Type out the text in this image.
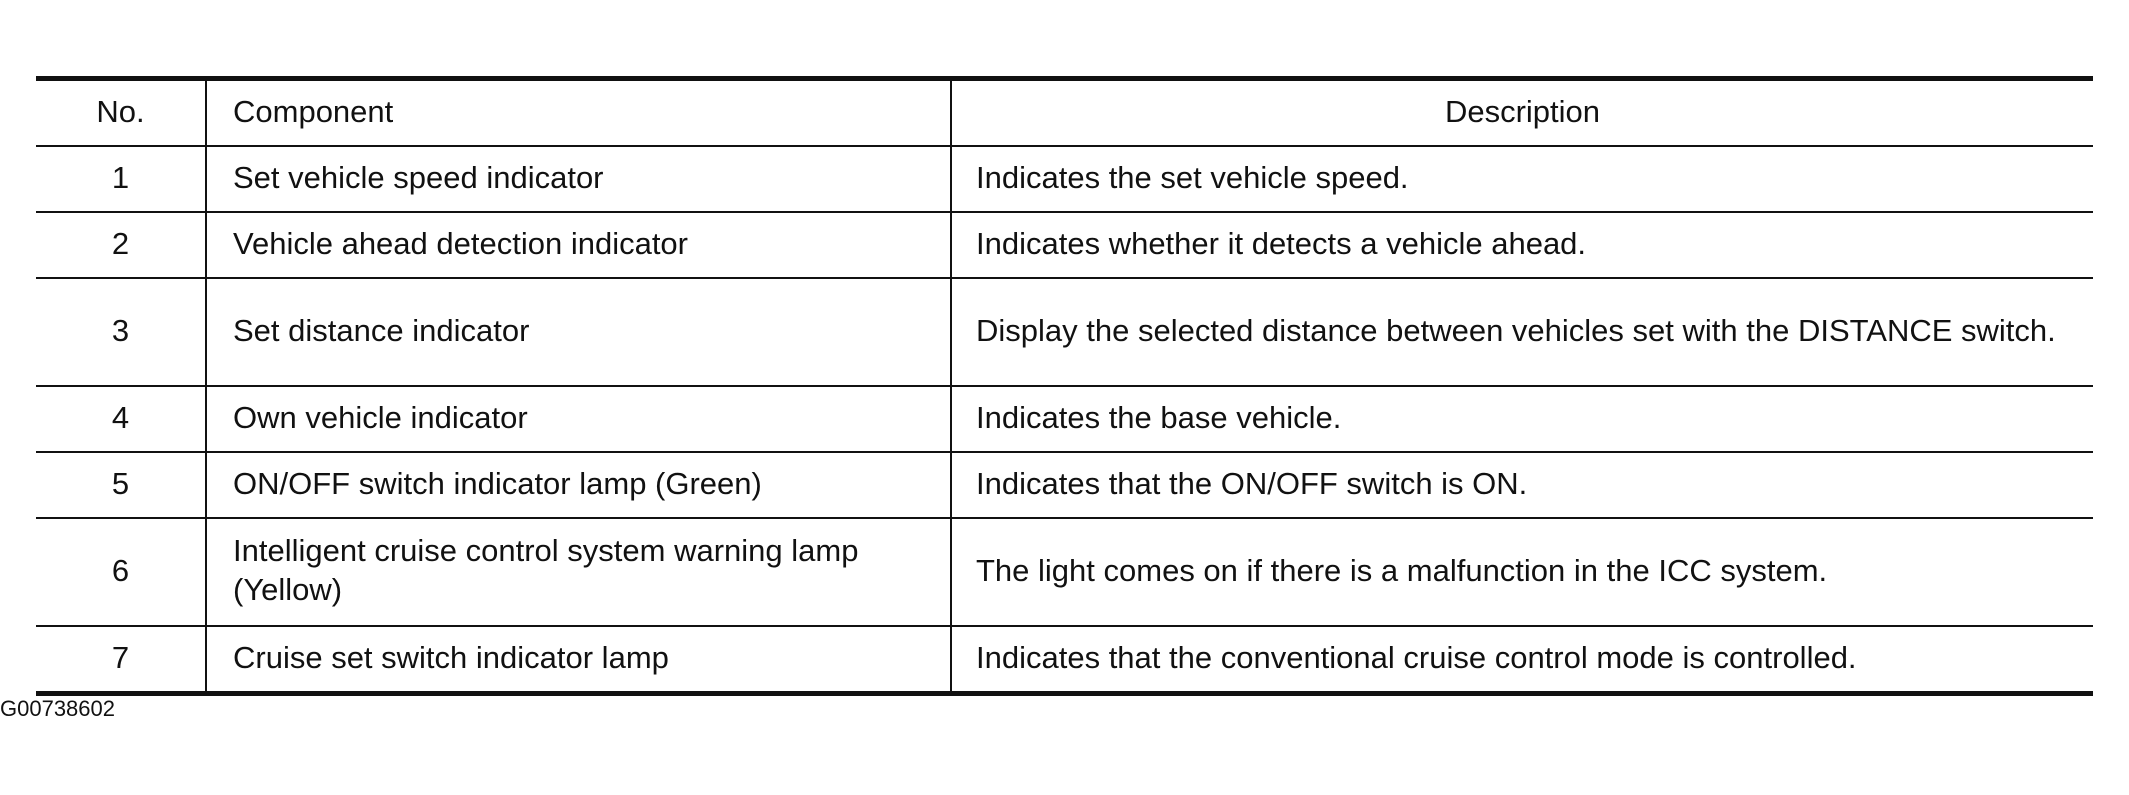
No.	Component	Description
1	Set vehicle speed indicator	Indicates the set vehicle speed.
2	Vehicle ahead detection indicator	Indicates whether it detects a vehicle ahead.
3	Set distance indicator	Display the selected distance between vehicles set with the DISTANCE switch.
4	Own vehicle indicator	Indicates the base vehicle.
5	ON/OFF switch indicator lamp (Green)	Indicates that the ON/OFF switch is ON.
6	Intelligent cruise control system warning lamp (Yellow)	The light comes on if there is a malfunction in the ICC system.
7	Cruise set switch indicator lamp	Indicates that the conventional cruise control mode is controlled.
G00738602
